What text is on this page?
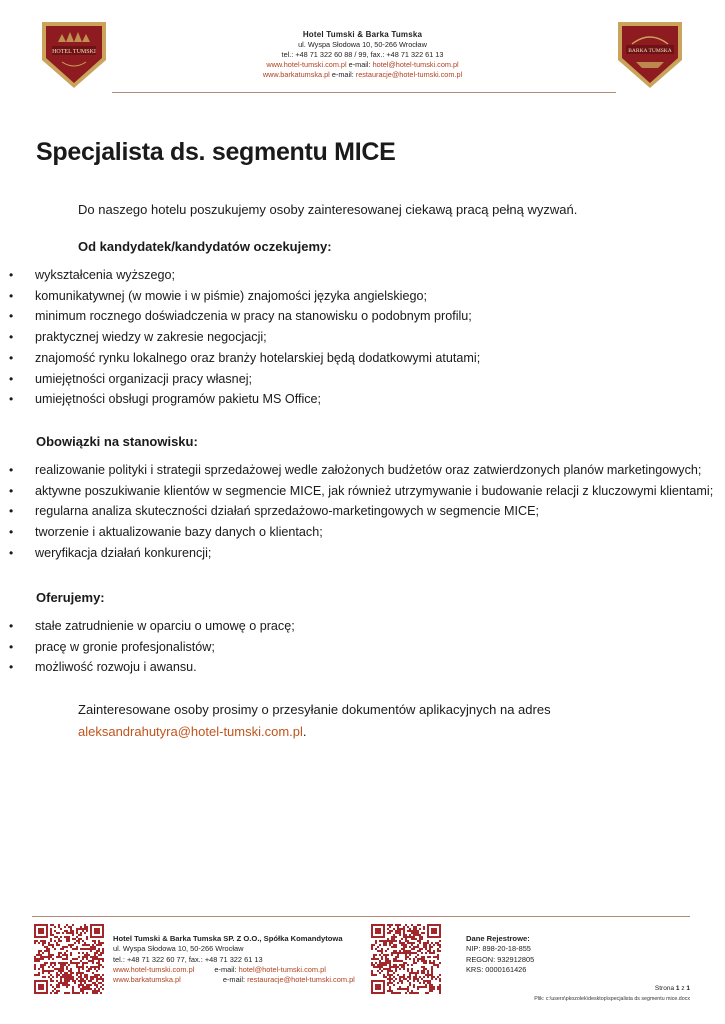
HOTEL TUMSKI
Hotel Tumski & Barka Tumska
ul. Wyspa Słodowa 10, 50-266 Wrocław
tel.: +48 71 322 60 88 / 99, fax.: +48 71 322 61 13
www.hotel-tumski.com.pl e-mail: hotel@hotel-tumski.com.pl
www.barkatumska.pl e-mail: restauracje@hotel-tumski.com.pl
BARKA TUMSKA
Specjalista ds. segmentu MICE
Do naszego hotelu poszukujemy osoby zainteresowanej ciekawą pracą pełną wyzwań.
Od kandydatek/kandydatów oczekujemy:
• wykształcenia wyższego;
• komunikatywnej (w mowie i w piśmie) znajomości języka angielskiego;
• minimum rocznego doświadczenia w pracy na stanowisku o podobnym profilu;
• praktycznej wiedzy w zakresie negocjacji;
• znajomość rynku lokalnego oraz branży hotelarskiej będą dodatkowymi atutami;
• umiejętności organizacji pracy własnej;
• umiejętności obsługi programów pakietu MS Office;
Obowiązki na stanowisku:
• realizowanie polityki i strategii sprzedażowej wedle założonych budżetów oraz zatwierdzonych planów marketingowych;
• aktywne poszukiwanie klientów w segmencie MICE, jak również utrzymywanie i budowanie relacji z kluczowymi klientami;
• regularna analiza skuteczności działań sprzedażowo-marketingowych w segmencie MICE;
• tworzenie i aktualizowanie bazy danych o klientach;
• weryfikacja działań konkurencji;
Oferujemy:
• stałe zatrudnienie w oparciu o umowę o pracę;
• pracę w gronie profesjonalistów;
• możliwość rozwoju i awansu.
Zainteresowane osoby prosimy o przesyłanie dokumentów aplikacyjnych na adres
aleksandrahutyra@hotel-tumski.com.pl.
Hotel Tumski & Barka Tumska SP. Z O.O., Spółka Komandytowa
ul. Wyspa Słodowa 10, 50-266 Wrocław
tel.: +48 71 322 60 77, fax.: +48 71 322 61 13
www.hotel-tumski.com.pl	e-mail: hotel@hotel-tumski.com.pl
www.barkatumska.pl	e-mail: restauracje@hotel-tumski.com.pl
Dane Rejestrowe:
NIP: 898-20-18-855
REGON: 932912805
KRS: 0000161426
Strona 1 z 1
Plik: c:\users\pkozolek\desktop\specjalista ds segmentu mice.docx
